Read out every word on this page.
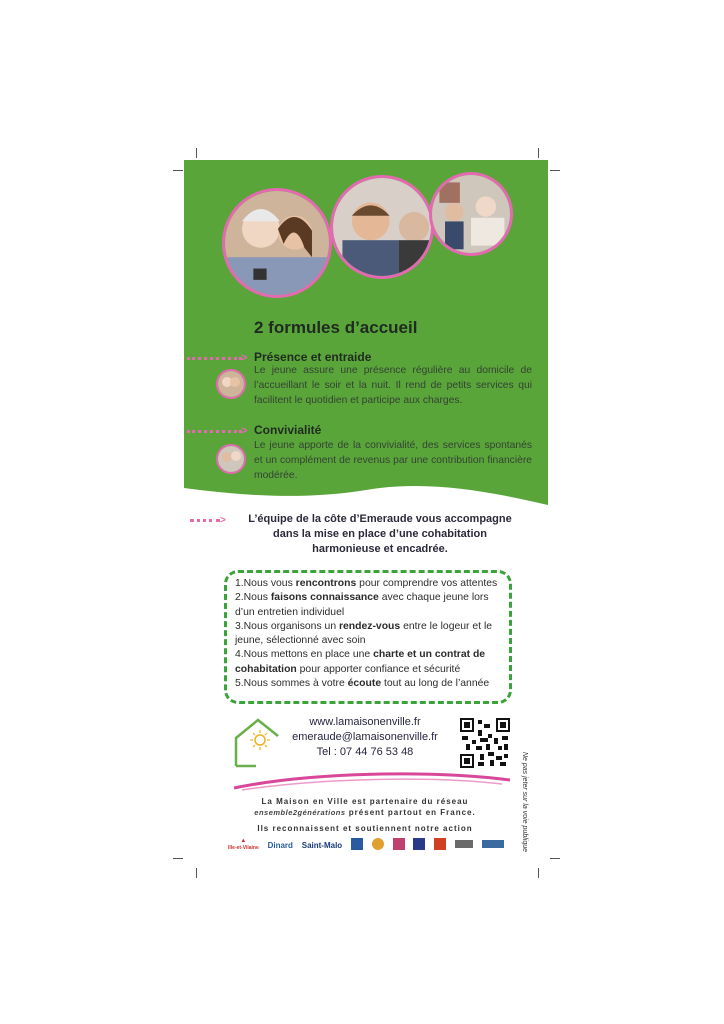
2 formules d’accueil
> Présence et entraide
Le jeune assure une présence régulière au domicile de l’accueillant le soir et la nuit. Il rend de petits services qui facilitent le quotidien et participe aux charges.
> Convivialité
Le jeune apporte de la convivialité, des services spontanés et un complément de revenus par une contribution financière modérée.
>	L’équipe de la côte d’Emeraude vous accompagne
dans la mise en place d’une cohabitation
harmonieuse et encadrée.
1.Nous vous rencontrons pour comprendre vos attentes
2.Nous faisons connaissance avec chaque jeune lors d’un entretien individuel
3.Nous organisons un rendez-vous entre le logeur et le jeune, sélectionné avec soin
4.Nous mettons en place une charte et un contrat de cohabitation pour apporter confiance et sécurité
5.Nous sommes à votre écoute tout au long de l’année
www.lamaisonenville.fr
emeraude@lamaisonenville.fr
Tel : 07 44 76 53 48
La Maison en Ville est partenaire du réseau
ensemble2générations présent partout en France.
Ils reconnaissent et soutiennent notre action
▲
Ille-et-Vilaine Dinard Saint-Malo	Ne pas jeter sur la voie publique
